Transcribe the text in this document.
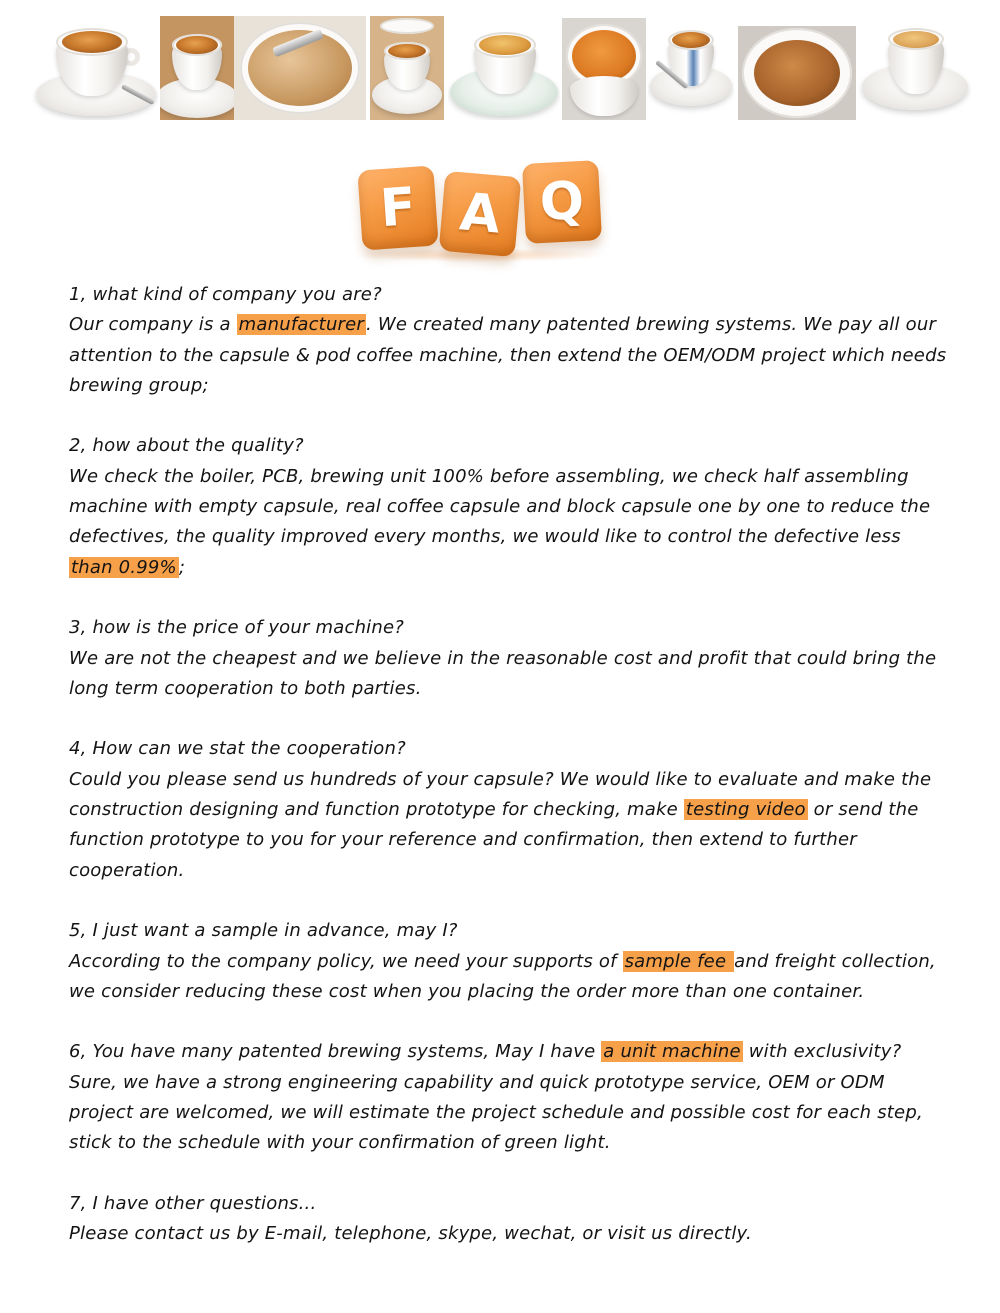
F A Q

1, what kind of company you are?

Our company is a manufacturer . We created many patented brewing systems. We pay all our attention to the capsule & pod coffee machine, then extend the OEM/ODM project which needs brewing group;

2, how about the quality?

We check the boiler, PCB, brewing unit 100% before assembling, we check half assembling machine with empty capsule, real coffee capsule and block capsule one by one to reduce the defectives, the quality improved every months, we would like to control the defective less than 0.99% ;

3, how is the price of your machine?

We are not the cheapest and we believe in the reasonable cost and profit that could bring the long term cooperation to both parties.

4, How can we stat the cooperation?

Could you please send us hundreds of your capsule? We would like to evaluate and make the construction designing and function prototype for checking, make testing video or send the function prototype to you for your reference and confirmation, then extend to further cooperation.

5, I just want a sample in advance, may I?

According to the company policy, we need your supports of sample fee and freight collection, we consider reducing these cost when you placing the order more than one container.

6, You have many patented brewing systems, May I have a unit machine with exclusivity?

Sure, we have a strong engineering capability and quick prototype service, OEM or ODM project are welcomed, we will estimate the project schedule and possible cost for each step, stick to the schedule with your confirmation of green light.

7, I have other questions...

Please contact us by E-mail, telephone, skype, wechat, or visit us directly.
